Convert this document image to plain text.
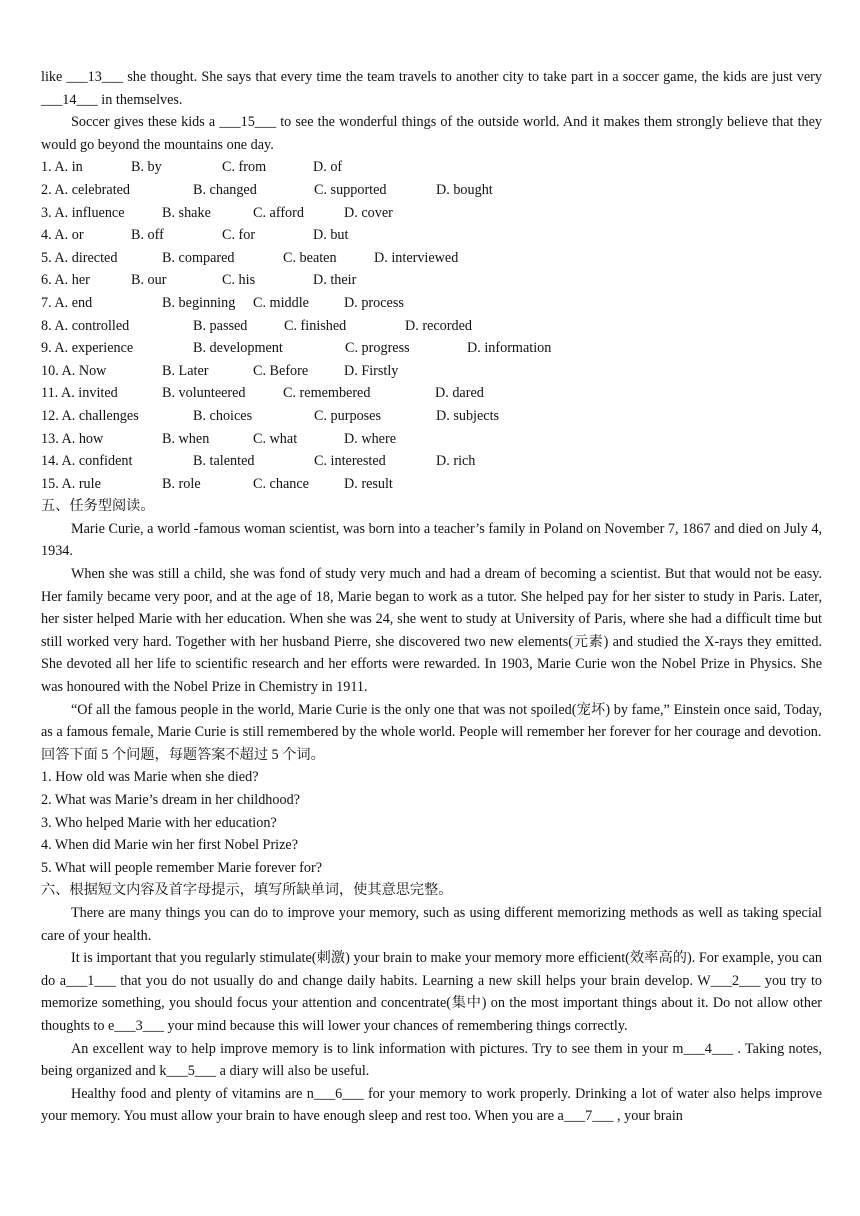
like ___13___ she thought. She says that every time the team travels to another city to take part in a soccer game, the kids are just very ___14___ in themselves.

Soccer gives these kids a ___15___ to see the wonderful things of the outside world. And it makes them strongly believe that they would go beyond the mountains one day.

1. A. in	B. by	C. from	D. of
2. A. celebrated	B. changed	C. supported	D. bought
3. A. influence	B. shake	C. afford	D. cover
4. A. or	B. off	C. for	D. but
5. A. directed	B. compared	C. beaten	D. interviewed
6. A. her	B. our	C. his	D. their
7. A. end	B. beginning	C. middle	D. process
8. A. controlled	B. passed	C. finished	D. recorded
9. A. experience	B. development	C. progress	D. information
10. A. Now	B. Later	C. Before	D. Firstly
11. A. invited	B. volunteered	C. remembered	D. dared
12. A. challenges	B. choices	C. purposes	D. subjects
13. A. how	B. when	C. what	D. where
14. A. confident	B. talented	C. interested	D. rich
15. A. rule	B. role	C. chance	D. result

五、任务型阅读。

Marie Curie, a world -famous woman scientist, was born into a teacher’s family in Poland on November 7, 1867 and died on July 4, 1934.

When she was still a child, she was fond of study very much and had a dream of becoming a scientist. But that would not be easy. Her family became very poor, and at the age of 18, Marie began to work as a tutor. She helped pay for her sister to study in Paris. Later, her sister helped Marie with her education. When she was 24, she went to study at University of Paris, where she had a difficult time but still worked very hard. Together with her husband Pierre, she discovered two new elements(元素) and studied the X-rays they emitted. She devoted all her life to scientific research and her efforts were rewarded. In 1903, Marie Curie won the Nobel Prize in Physics. She was honoured with the Nobel Prize in Chemistry in 1911.

“Of all the famous people in the world, Marie Curie is the only one that was not spoiled(宠坏) by fame,” Einstein once said, Today, as a famous female, Marie Curie is still remembered by the whole world. People will remember her forever for her courage and devotion.

回答下面 5 个问题，每题答案不超过 5 个词。

1. How old was Marie when she died?

2. What was Marie’s dream in her childhood?

3. Who helped Marie with her education?

4. When did Marie win her first Nobel Prize?

5. What will people remember Marie forever for?

六、根据短文内容及首字母提示，填写所缺单词，使其意思完整。

There are many things you can do to improve your memory, such as using different memorizing methods as well as taking special care of your health.

It is important that you regularly stimulate(刺激) your brain to make your memory more efficient(效率高的). For example, you can do a___1___ that you do not usually do and change daily habits. Learning a new skill helps your brain develop. W___2___ you try to memorize something, you should focus your attention and concentrate(集中) on the most important things about it. Do not allow other thoughts to e___3___ your mind because this will lower your chances of remembering things correctly.

An excellent way to help improve memory is to link information with pictures. Try to see them in your m___4___ . Taking notes, being organized and k___5___ a diary will also be useful.

Healthy food and plenty of vitamins are n___6___ for your memory to work properly. Drinking a lot of water also helps improve your memory. You must allow your brain to have enough sleep and rest too. When you are a___7___ , your brain
